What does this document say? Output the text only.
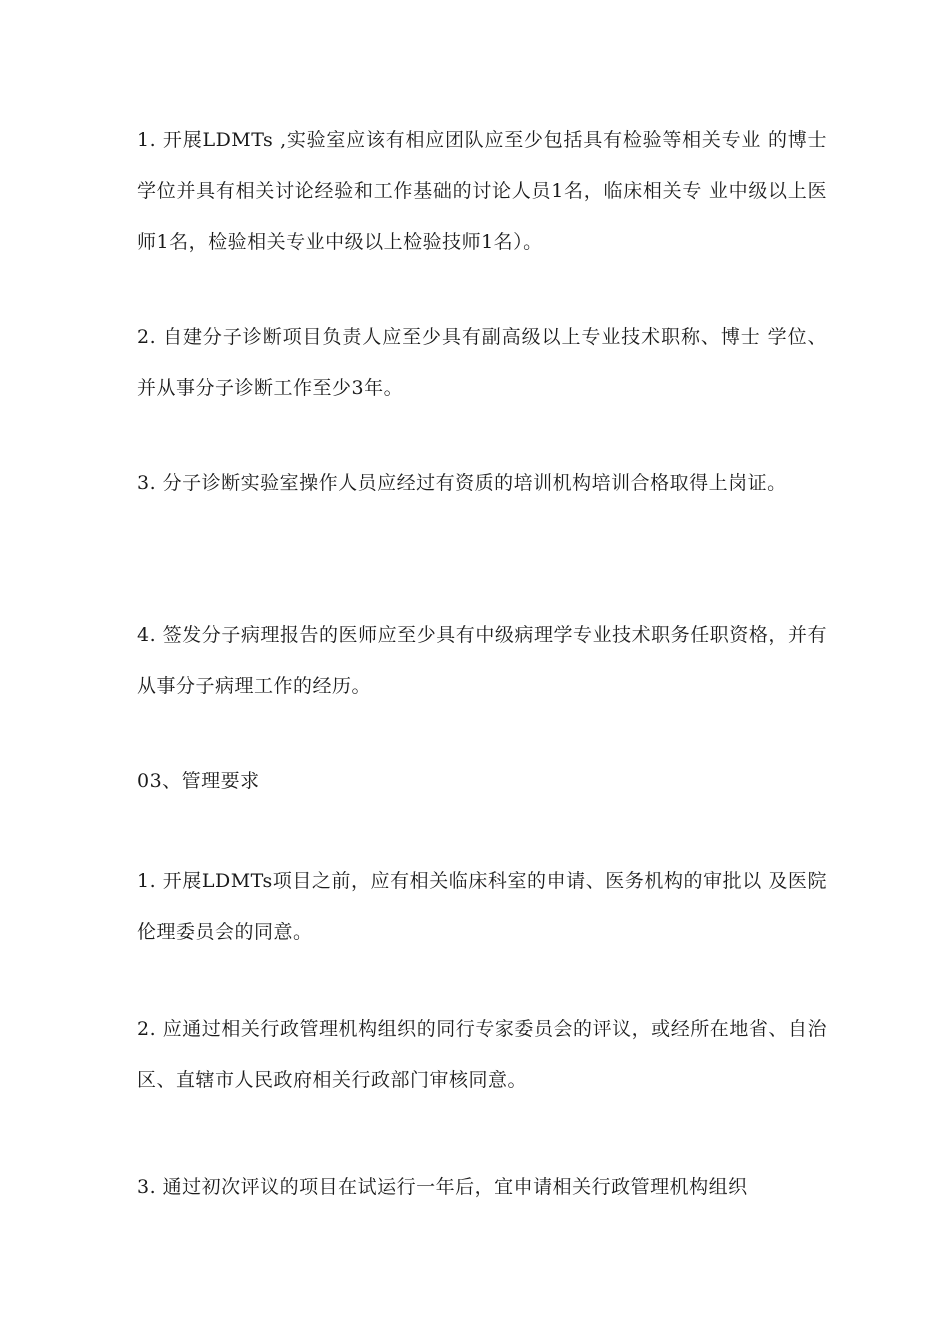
1. 开展LDMTs ,实验室应该有相应团队应至少包括具有检验等相关专业 的博士学位并具有相关讨论经验和工作基础的讨论人员1名，临床相关专 业中级以上医师1名，检验相关专业中级以上检验技师1名）。
2. 自建分子诊断项目负责人应至少具有副高级以上专业技术职称、博士 学位、并从事分子诊断工作至少3年。
3. 分子诊断实验室操作人员应经过有资质的培训机构培训合格取得上岗证。
4. 签发分子病理报告的医师应至少具有中级病理学专业技术职务任职资格，并有从事分子病理工作的经历。
03、管理要求
1. 开展LDMTs项目之前，应有相关临床科室的申请、医务机构的审批以 及医院伦理委员会的同意。
2. 应通过相关行政管理机构组织的同行专家委员会的评议，或经所在地省、自治区、直辖市人民政府相关行政部门审核同意。
3. 通过初次评议的项目在试运行一年后，宜申请相关行政管理机构组织
